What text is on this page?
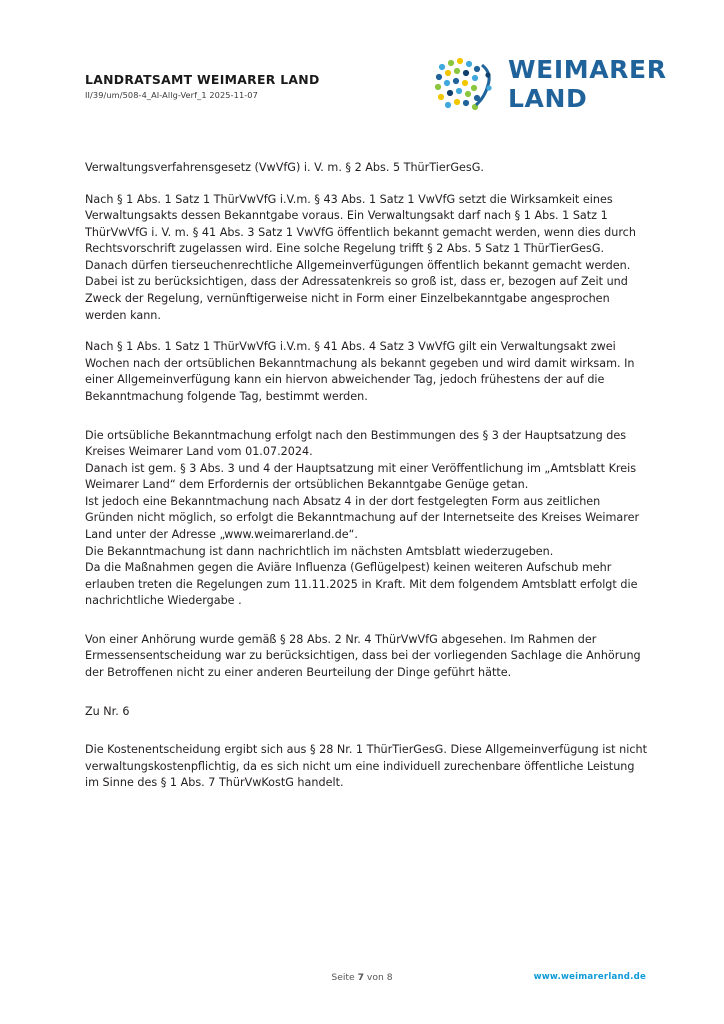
LANDRATSAMT WEIMARER LAND
II/39/um/508-4_AI-Allg-Verf_1 2025-11-07
WEIMARER
LAND

Verwaltungsverfahrensgesetz (VwVfG) i. V. m. § 2 Abs. 5 ThürTierGesG.

Nach § 1 Abs. 1 Satz 1 ThürVwVfG i.V.m. § 43 Abs. 1 Satz 1 VwVfG setzt die Wirksamkeit eines Verwaltungsakts dessen Bekanntgabe voraus. Ein Verwaltungsakt darf nach § 1 Abs. 1 Satz 1 ThürVwVfG i. V. m. § 41 Abs. 3 Satz 1 VwVfG öffentlich bekannt gemacht werden, wenn dies durch Rechtsvorschrift zugelassen wird. Eine solche Regelung trifft § 2 Abs. 5 Satz 1 ThürTierGesG. Danach dürfen tierseuchenrechtliche Allgemeinverfügungen öffentlich bekannt gemacht werden. Dabei ist zu berücksichtigen, dass der Adressatenkreis so groß ist, dass er, bezogen auf Zeit und Zweck der Regelung, vernünftigerweise nicht in Form einer Einzelbekanntgabe angesprochen werden kann.

Nach § 1 Abs. 1 Satz 1 ThürVwVfG i.V.m. § 41 Abs. 4 Satz 3 VwVfG gilt ein Verwaltungsakt zwei Wochen nach der ortsüblichen Bekanntmachung als bekannt gegeben und wird damit wirksam. In einer Allgemeinverfügung kann ein hiervon abweichender Tag, jedoch frühestens der auf die Bekanntmachung folgende Tag, bestimmt werden.

Die ortsübliche Bekanntmachung erfolgt nach den Bestimmungen des § 3 der Hauptsatzung des Kreises Weimarer Land vom 01.07.2024.

Danach ist gem. § 3 Abs. 3 und 4 der Hauptsatzung mit einer Veröffentlichung im „Amtsblatt Kreis Weimarer Land“ dem Erfordernis der ortsüblichen Bekanntgabe Genüge getan.

Ist jedoch eine Bekanntmachung nach Absatz 4 in der dort festgelegten Form aus zeitlichen Gründen nicht möglich, so erfolgt die Bekanntmachung auf der Internetseite des Kreises Weimarer Land unter der Adresse „www.weimarerland.de“.

Die Bekanntmachung ist dann nachrichtlich im nächsten Amtsblatt wiederzugeben.

Da die Maßnahmen gegen die Aviäre Influenza (Geflügelpest) keinen weiteren Aufschub mehr erlauben treten die Regelungen zum 11.11.2025 in Kraft. Mit dem folgendem Amtsblatt erfolgt die nachrichtliche Wiedergabe .

Von einer Anhörung wurde gemäß § 28 Abs. 2 Nr. 4 ThürVwVfG abgesehen. Im Rahmen der Ermessensentscheidung war zu berücksichtigen, dass bei der vorliegenden Sachlage die Anhörung der Betroffenen nicht zu einer anderen Beurteilung der Dinge geführt hätte.

Zu Nr. 6

Die Kostenentscheidung ergibt sich aus § 28 Nr. 1 ThürTierGesG. Diese Allgemeinverfügung ist nicht verwaltungskostenpflichtig, da es sich nicht um eine individuell zurechenbare öffentliche Leistung im Sinne des § 1 Abs. 7 ThürVwKostG handelt.

Seite 7 von 8	www.weimarerland.de
